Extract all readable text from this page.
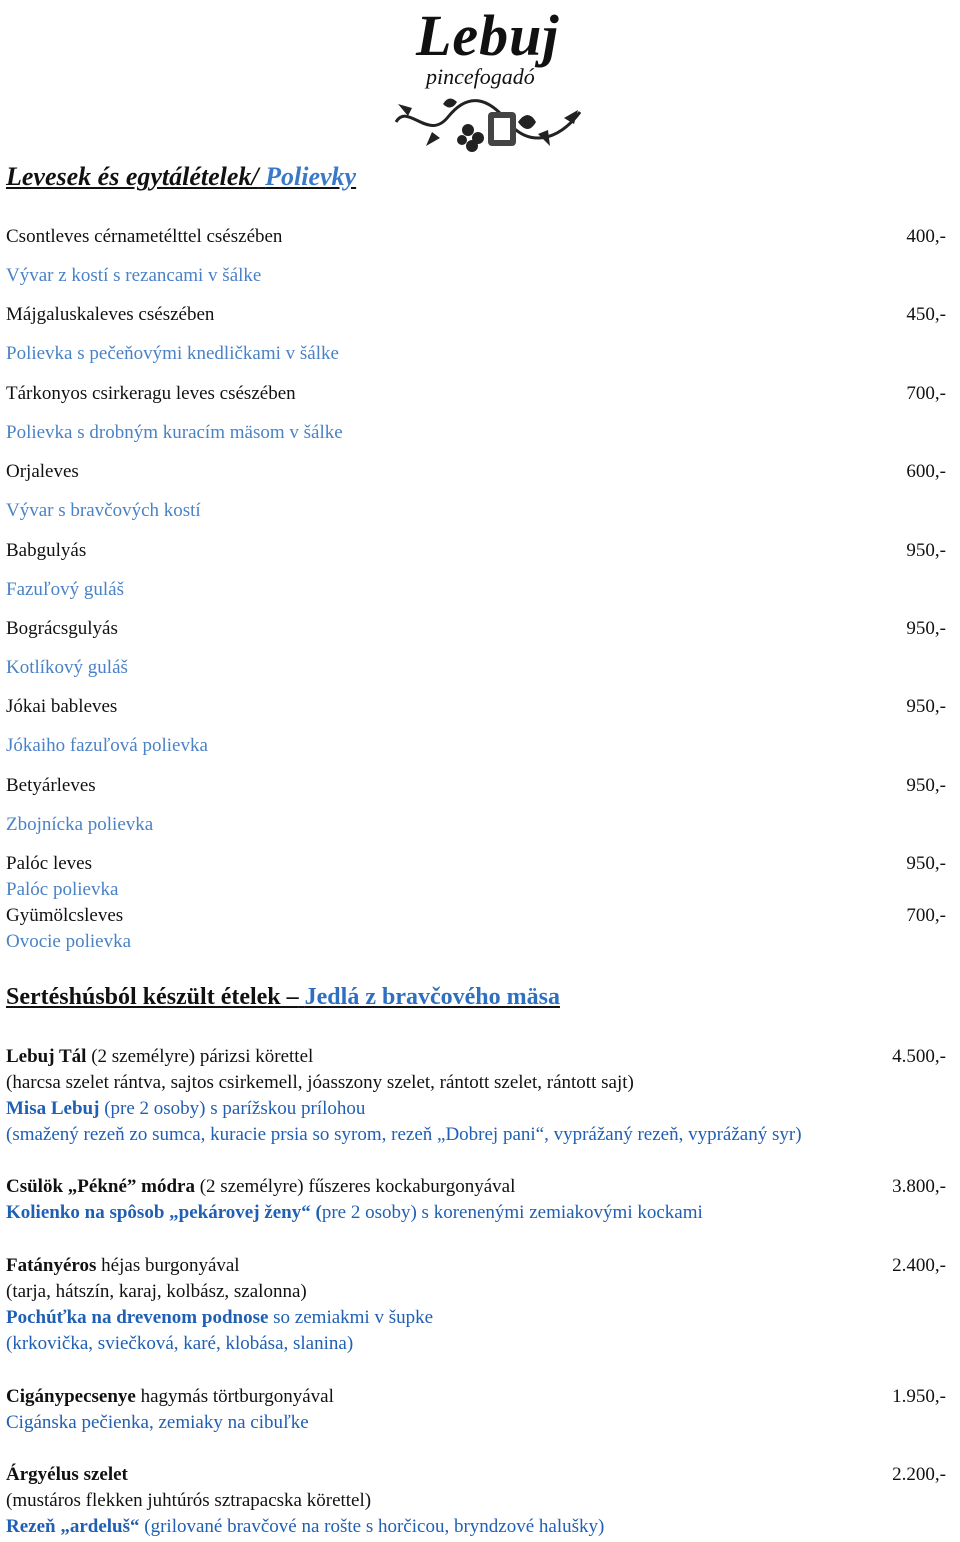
Lebuj
pincefogadó
Levesek és egytálételek/ Polievky
Csontleves cérnametélttel csészében	400,-
Vývar z kostí s rezancami v šálke
Májgaluskaleves csészében	450,-
Polievka s pečeňovými knedličkami v šálke
Tárkonyos csirkeragu leves csészében	700,-
Polievka s drobným kuracím mäsom v šálke
Orjaleves	600,-
Vývar s bravčových kostí
Babgulyás	950,-
Fazuľový guláš
Bográcsgulyás	950,-
Kotlíkový guláš
Jókai bableves	950,-
Jókaiho fazuľová polievka
Betyárleves	950,-
Zbojnícka polievka
Palóc leves	950,-
Palóc polievka
Gyümölcsleves	700,-
Ovocie polievka
Sertéshúsból készült ételek – Jedlá z bravčového mäsa
Lebuj Tál (2 személyre) párizsi körettel	4.500,-
(harcsa szelet rántva, sajtos csirkemell, jóasszony szelet, rántott szelet, rántott sajt)
Misa Lebuj (pre 2 osoby) s parížskou prílohou
(smažený rezeň zo sumca, kuracie prsia so syrom, rezeň „Dobrej pani“, vyprážaný rezeň, vyprážaný syr)
Csülök „Pékné” módra (2 személyre) fűszeres kockaburgonyával	3.800,-
Kolienko na spôsob „pekárovej ženy“ (pre 2 osoby) s korenenými zemiakovými kockami
Fatányéros héjas burgonyával	2.400,-
(tarja, hátszín, karaj, kolbász, szalonna)
Pochúťka na drevenom podnose so zemiakmi v šupke
(krkovička, sviečková, karé, klobása, slanina)
Cigánypecsenye hagymás törtburgonyával	1.950,-
Cigánska pečienka, zemiaky na cibuľke
Árgyélus szelet	2.200,-
(mustáros flekken juhtúrós sztrapacska körettel)
Rezeň „ardeluš“ (grilované bravčové na rošte s horčicou, bryndzové halušky)
